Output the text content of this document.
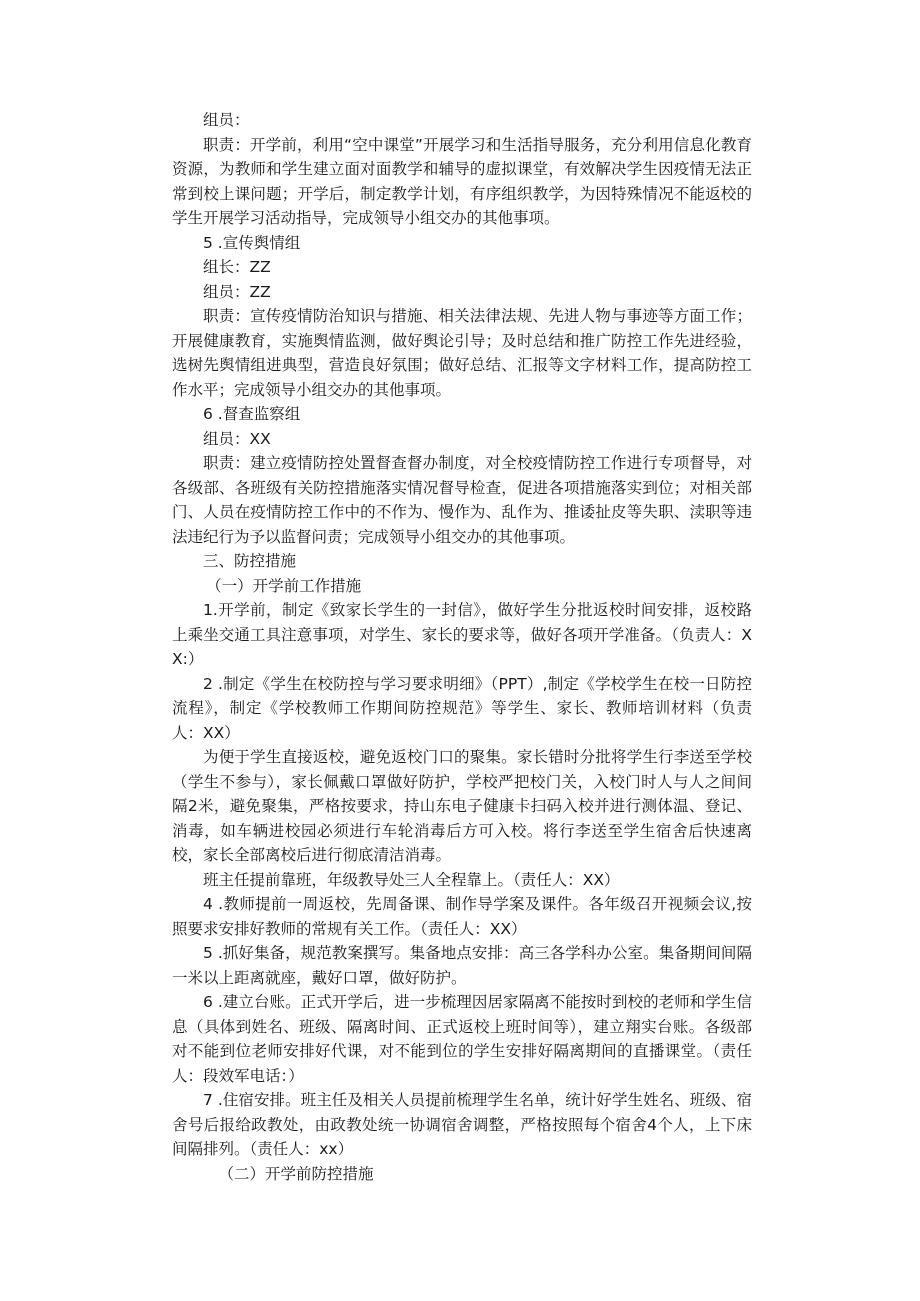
组员：

职责：开学前，利用“空中课堂”开展学习和生活指导服务，充分利用信息化教育资源，为教师和学生建立面对面教学和辅导的虚拟课堂，有效解决学生因疫情无法正常到校上课问题；开学后，制定教学计划，有序组织教学，为因特殊情况不能返校的学生开展学习活动指导，完成领导小组交办的其他事项。

5 .宣传舆情组

组长：ZZ

组员：ZZ

职责：宣传疫情防治知识与措施、相关法律法规、先进人物与事迹等方面工作；开展健康教育，实施舆情监测，做好舆论引导；及时总结和推广防控工作先进经验，选树先舆情组进典型，营造良好氛围；做好总结、汇报等文字材料工作，提高防控工作水平；完成领导小组交办的其他事项。

6 .督查监察组

组员：XX

职责：建立疫情防控处置督查督办制度，对全校疫情防控工作进行专项督导，对各级部、各班级有关防控措施落实情况督导检查，促进各项措施落实到位；对相关部门、人员在疫情防控工作中的不作为、慢作为、乱作为、推诿扯皮等失职、渎职等违法违纪行为予以监督问责；完成领导小组交办的其他事项。

三、防控措施

（一）开学前工作措施

1.开学前，制定《致家长学生的一封信》，做好学生分批返校时间安排，返校路上乘坐交通工具注意事项，对学生、家长的要求等，做好各项开学准备。（负责人：XX:）

2 .制定《学生在校防控与学习要求明细》（PPT）,制定《学校学生在校一日防控流程》，制定《学校教师工作期间防控规范》等学生、家长、教师培训材料（负责人：XX）

为便于学生直接返校，避免返校门口的聚集。家长错时分批将学生行李送至学校（学生不参与），家长佩戴口罩做好防护，学校严把校门关，入校门时人与人之间间隔2米，避免聚集，严格按要求，持山东电子健康卡扫码入校并进行测体温、登记、消毒，如车辆进校园必须进行车轮消毒后方可入校。将行李送至学生宿舍后快速离校，家长全部离校后进行彻底清洁消毒。

班主任提前靠班，年级教导处三人全程靠上。（责任人：XX）

4 .教师提前一周返校，先周备课、制作导学案及课件。各年级召开视频会议,按照要求安排好教师的常规有关工作。（责任人：XX）

5 .抓好集备，规范教案撰写。集备地点安排：高三各学科办公室。集备期间间隔一米以上距离就座，戴好口罩，做好防护。

6 .建立台账。正式开学后，进一步梳理因居家隔离不能按时到校的老师和学生信息（具体到姓名、班级、隔离时间、正式返校上班时间等），建立翔实台账。各级部对不能到位老师安排好代课，对不能到位的学生安排好隔离期间的直播课堂。（责任人：段效军电话：）

7 .住宿安排。班主任及相关人员提前梳理学生名单，统计好学生姓名、班级、宿舍号后报给政教处，由政教处统一协调宿舍调整，严格按照每个宿舍4个人，上下床间隔排列。（责任人：xx）

（二）开学前防控措施
